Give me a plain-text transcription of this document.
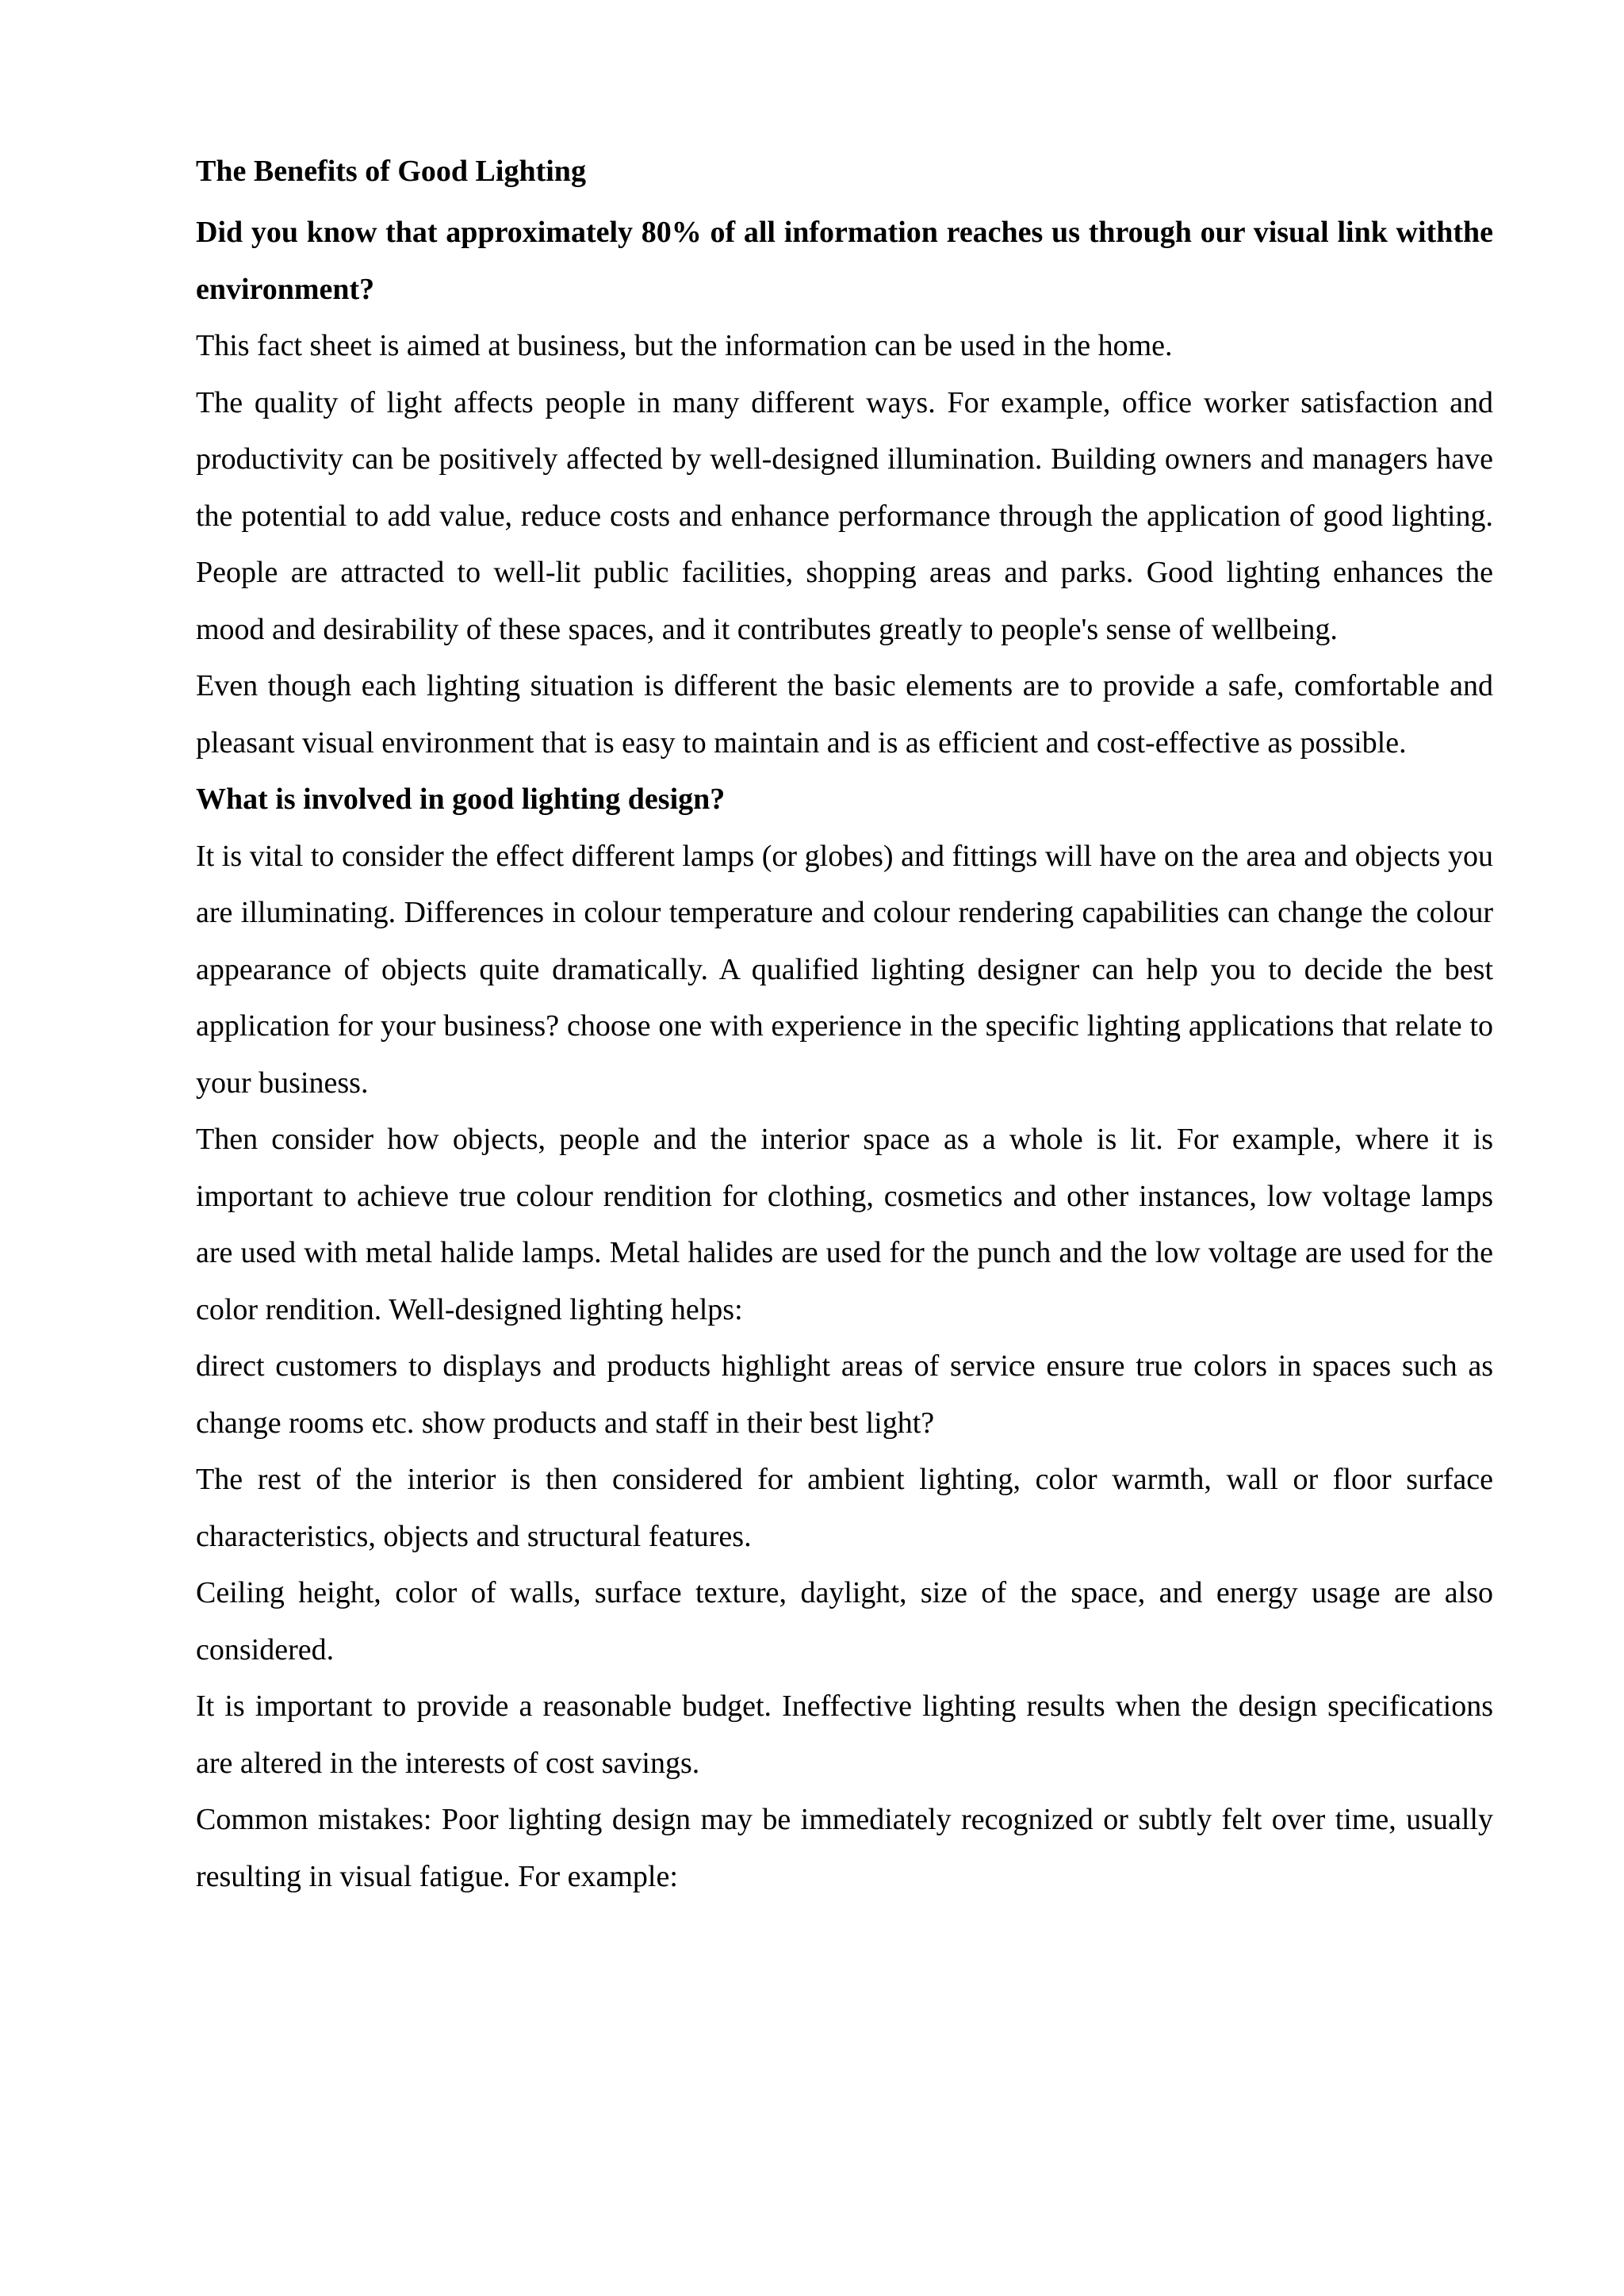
The Benefits of Good Lighting

Did you know that approximately 80% of all information reaches us through our visual link withthe environment?

This fact sheet is aimed at business, but the information can be used in the home.

The quality of light affects people in many different ways. For example, office worker satisfaction and productivity can be positively affected by well-designed illumination. Building owners and managers have the potential to add value, reduce costs and enhance performance through the application of good lighting. People are attracted to well-lit public facilities, shopping areas and parks. Good lighting enhances the mood and desirability of these spaces, and it contributes greatly to people's sense of wellbeing.

Even though each lighting situation is different the basic elements are to provide a safe, comfortable and pleasant visual environment that is easy to maintain and is as efficient and cost-effective as possible.

What is involved in good lighting design?

It is vital to consider the effect different lamps (or globes) and fittings will have on the area and objects you are illuminating. Differences in colour temperature and colour rendering capabilities can change the colour appearance of objects quite dramatically. A qualified lighting designer can help you to decide the best application for your business? choose one with experience in the specific lighting applications that relate to your business.

Then consider how objects, people and the interior space as a whole is lit. For example, where it is important to achieve true colour rendition for clothing, cosmetics and other instances, low voltage lamps are used with metal halide lamps. Metal halides are used for the punch and the low voltage are used for the color rendition. Well-designed lighting helps:

direct customers to displays and products highlight areas of service ensure true colors in spaces such as change rooms etc. show products and staff in their best light?

The rest of the interior is then considered for ambient lighting, color warmth, wall or floor surface characteristics, objects and structural features.

Ceiling height, color of walls, surface texture, daylight, size of the space, and energy usage are also considered.

It is important to provide a reasonable budget. Ineffective lighting results when the design specifications are altered in the interests of cost savings.

Common mistakes: Poor lighting design may be immediately recognized or subtly felt over time, usually resulting in visual fatigue. For example:
